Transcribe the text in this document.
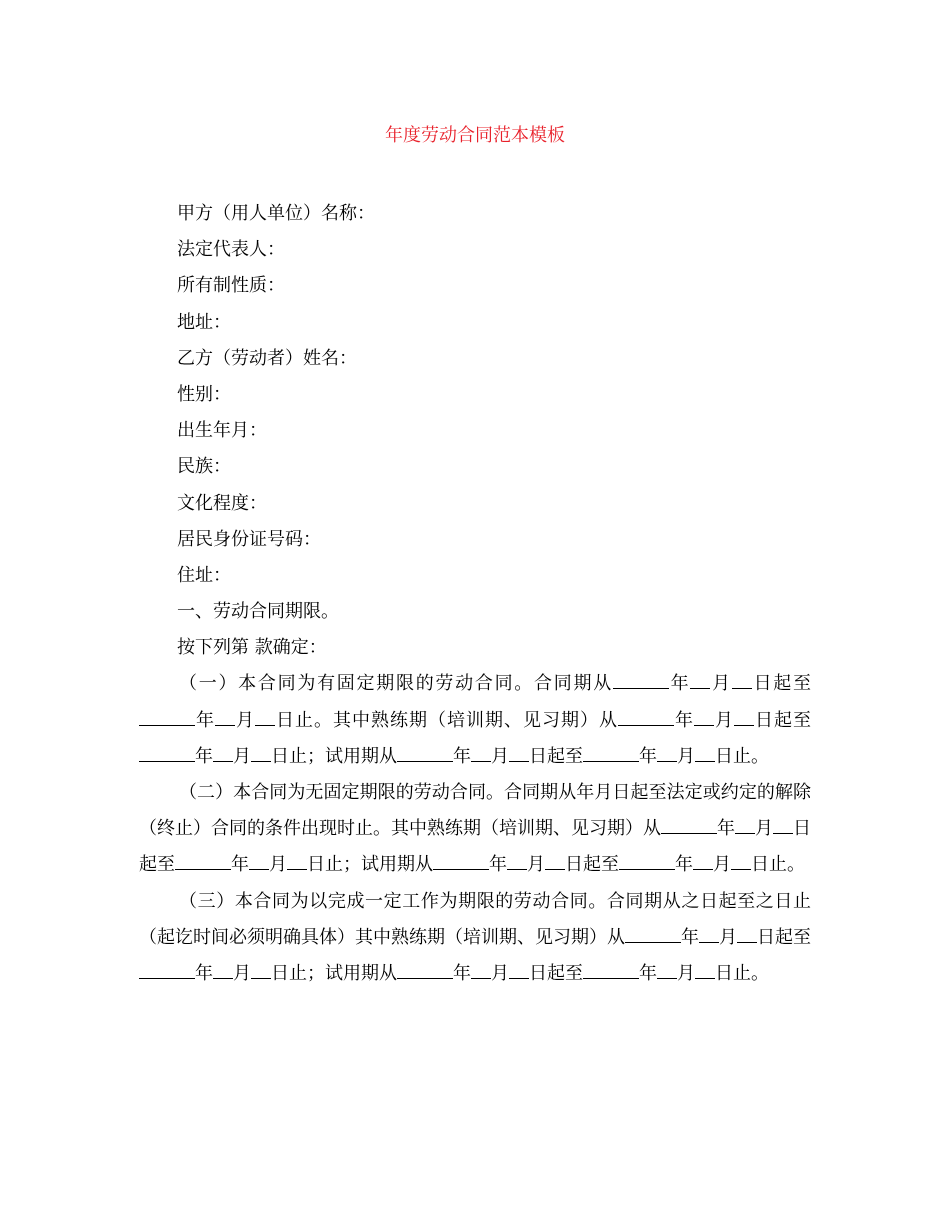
年度劳动合同范本模板
甲方（用人单位）名称：
法定代表人：
所有制性质：
地址：
乙方（劳动者）姓名：
性别：
出生年月：
民族：
文化程度：
居民身份证号码：
住址：

一、劳动合同期限。

按下列第 款确定：

（一）本合同为有固定期限的劳动合同。合同期从	年 月 日起至年 月 日止。其中熟练期（培训期、见习期）从	年 月 日起至年 月 日止；试用期从	年 月 日起至	年 月 日止。

（二）本合同为无固定期限的劳动合同。合同期从年月日起至法定或约定的解除（终止）合同的条件出现时止。其中熟练期（培训期、见习期）从	年 月 日起至	年 月 日止；试用期从	年 月 日起至	年 月 日止。

（三）本合同为以完成一定工作为期限的劳动合同。合同期从之日起至之日止（起讫时间必须明确具体）其中熟练期（培训期、见习期）从	年 月 日起至年 月 日止；试用期从	年 月 日起至	年 月 日止。
